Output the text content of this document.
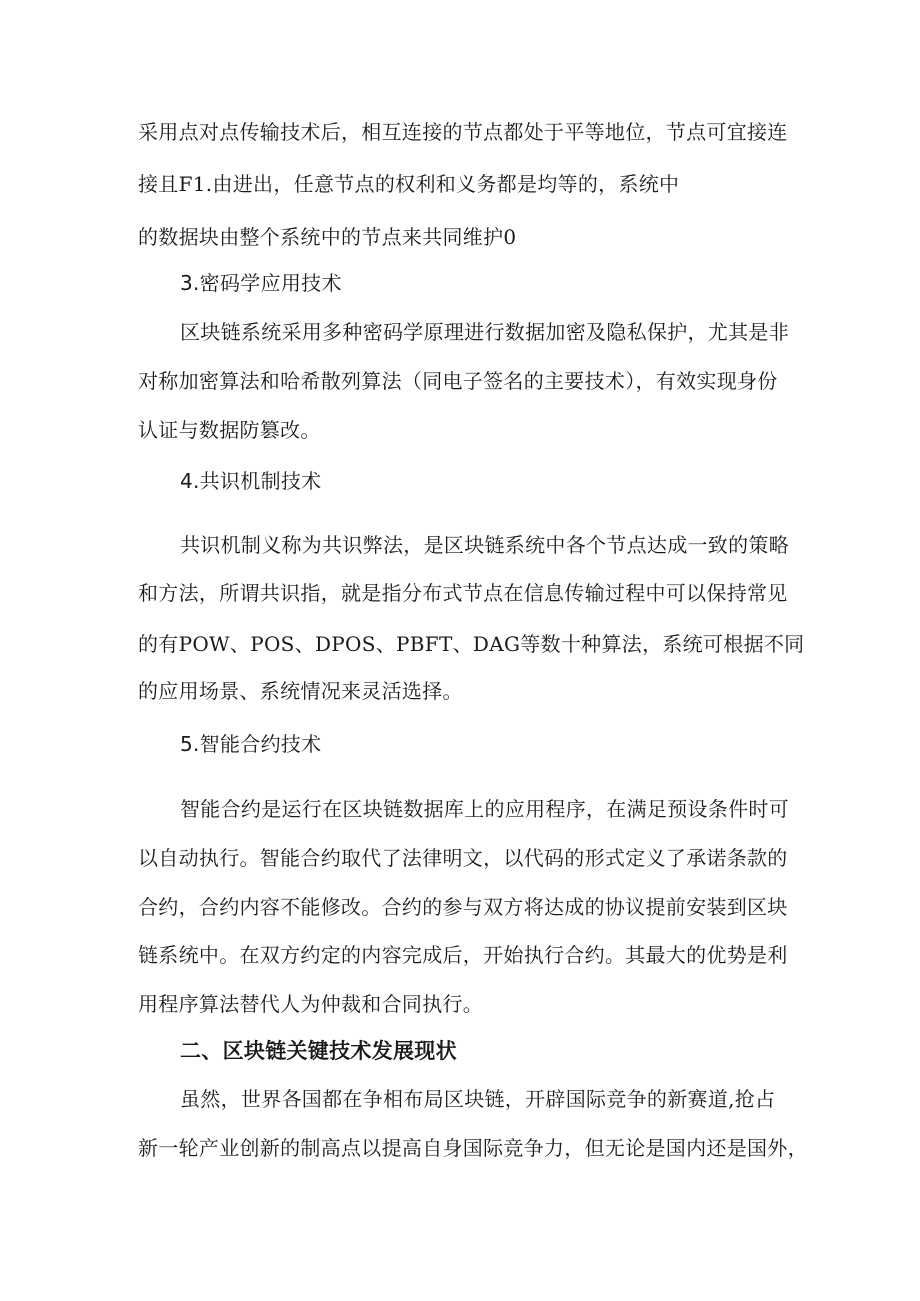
采用点对点传输技术后，相互连接的节点都处于平等地位，节点可宜接连
接且F1.由进出，任意节点的权利和义务都是均等的，系统中
的数据块由整个系统中的节点来共同维护0
3.密码学应用技术
区块链系统采用多种密码学原理进行数据加密及隐私保护，尤其是非
对称加密算法和哈希散列算法（同电子签名的主要技术），有效实现身份
认证与数据防篡改。
4.共识机制技术
共识机制义称为共识弊法，是区块链系统中各个节点达成一致的策略
和方法，所谓共识指，就是指分布式节点在信息传输过程中可以保持常见
的有POW、POS、DPOS、PBFT、DAG等数十种算法，系统可根据不同
的应用场景、系统情况来灵活选择。
5.智能合约技术
智能合约是运行在区块链数据库上的应用程序，在满足预设条件时可
以自动执行。智能合约取代了法律明文，以代码的形式定义了承诺条款的
合约，合约内容不能修改。合约的参与双方将达成的协议提前安装到区块
链系统中。在双方约定的内容完成后，开始执行合约。其最大的优势是利
用程序算法替代人为仲裁和合同执行。
二、区块链关键技术发展现状
虽然，世界各国都在争相布局区块链，开辟国际竞争的新赛道,抢占
新一轮产业创新的制高点以提高自身国际竞争力，但无论是国内还是国外，
